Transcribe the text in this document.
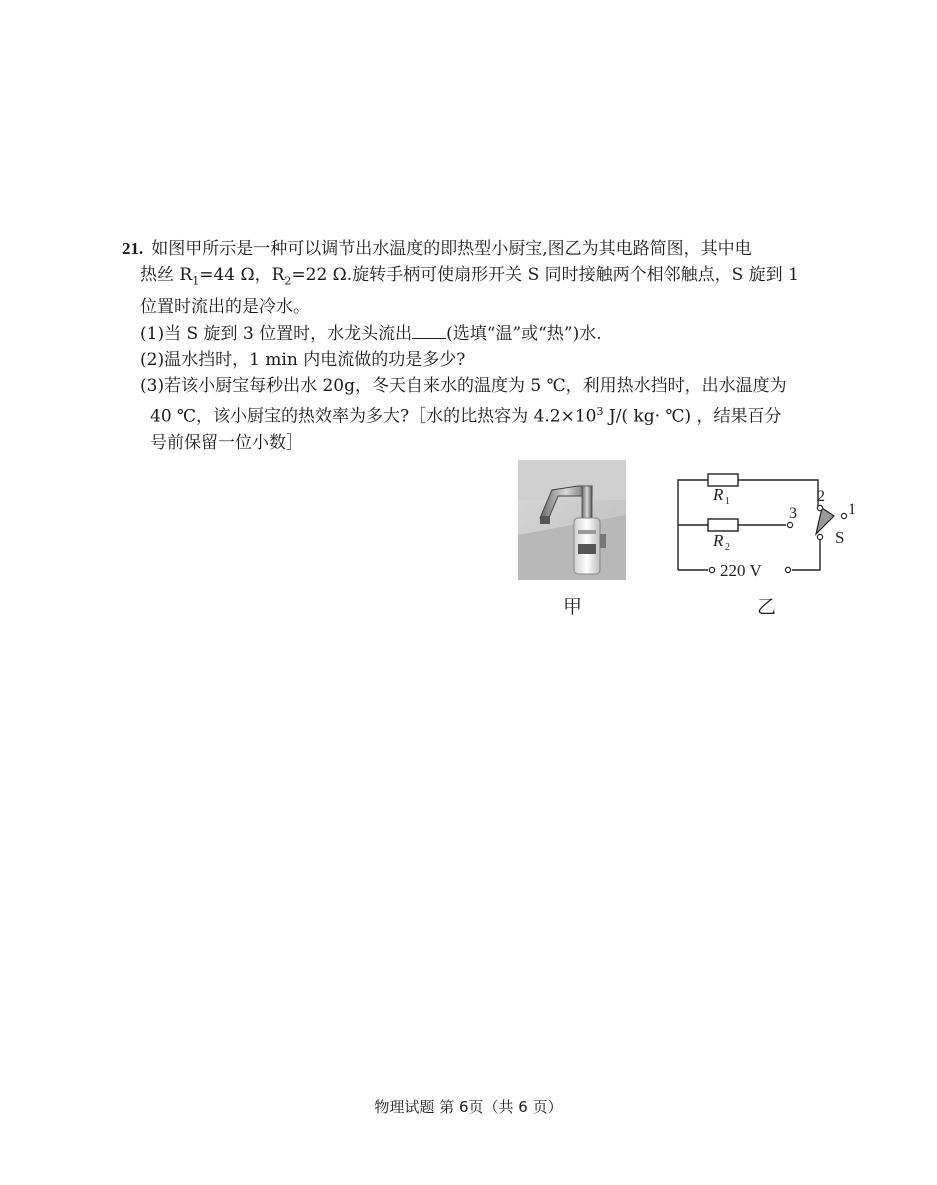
21. 如图甲所示是一种可以调节出水温度的即热型小厨宝,图乙为其电路简图，其中电
热丝 $R_1=44$ Ω，$R_2=22$ Ω.旋转手柄可使扇形开关 S 同时接触两个相邻触点，S 旋到 1
位置时流出的是冷水。
(1)当 S 旋到 3 位置时，水龙头流出 (选填“温”或“热”)水.
(2)温水挡时，1 min 内电流做的功是多少?
(3)若该小厨宝每秒出水 20g，冬天自来水的温度为 5 ℃，利用热水挡时，出水温度为
40 ℃，该小厨宝的热效率为多大?［水的比热容为 $4.2\times 10^3$ J/( kg· ℃) ，结果百分
号前保留一位小数］
甲
R 1
R 2
3
2
1
S
220 V
乙
物理试题 第 6页（共 6 页）
